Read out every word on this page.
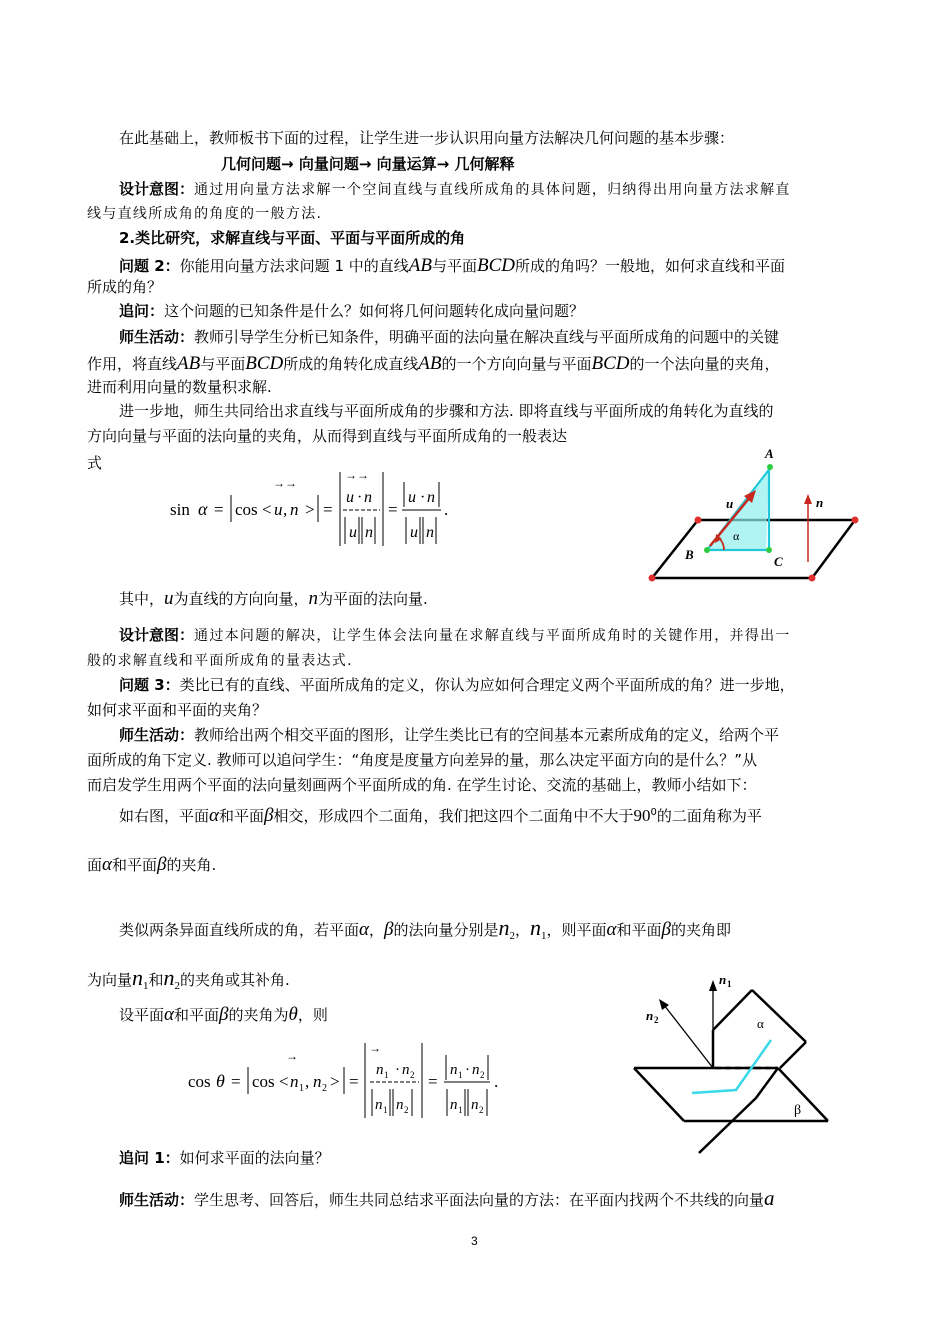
在此基础上，教师板书下面的过程，让学生进一步认识用向量方法解决几何问题的基本步骤：
几何问题→ 向量问题→ 向量运算→ 几何解释
设计意图：通过用向量方法求解一个空间直线与直线所成角的具体问题，归纳得出用向量方法求解直
线与直线所成角的角度的一般方法.
2.类比研究，求解直线与平面、平面与平面所成的角
问题 2：你能用向量方法求问题 1 中的直线AB与平面BCD所成的角吗？一般地，如何求直线和平面
所成的角？
追问：这个问题的已知条件是什么？如何将几何问题转化成向量问题？
师生活动：教师引导学生分析已知条件，明确平面的法向量在解决直线与平面所成角的问题中的关键
作用，将直线AB与平面BCD所成的角转化成直线AB的一个方向向量与平面BCD的一个法向量的夹角，
进而利用向量的数量积求解.
进一步地，师生共同给出求直线与平面所成角的步骤和方法. 即将直线与平面所成的角转化为直线的
方向向量与平面的法向量的夹角，从而得到直线与平面所成角的一般表达
式
sin α = cos <
→→
u , n > =
→→
u · n
u n
=
u · n
u n
.
A
B	C
u	n
α
其中，u为直线的方向向量，n为平面的法向量.
设计意图：通过本问题的解决，让学生体会法向量在求解直线与平面所成角时的关键作用，并得出一
般的求解直线和平面所成角的量表达式.
问题 3：类比已有的直线、平面所成角的定义，你认为应如何合理定义两个平面所成的角？进一步地，
如何求平面和平面的夹角？
师生活动：教师给出两个相交平面的图形，让学生类比已有的空间基本元素所成角的定义，给两个平
面所成的角下定义. 教师可以追问学生：“角度是度量方向差异的量，那么决定平面方向的是什么？”从
而启发学生用两个平面的法向量刻画两个平面所成的角. 在学生讨论、交流的基础上，教师小结如下：
如右图，平面α和平面β相交，形成四个二面角，我们把这四个二面角中不大于$90^0$的二面角称为平
面α和平面β的夹角.
类似两条异面直线所成的角，若平面α，β的法向量分别是$n_2$，$n_1$，则平面α和平面β的夹角即
为向量$n_1$和$n_2$的夹角或其补角.
设平面α和平面β的夹角为θ，则
cos θ = cos <
→
n 1 , n 2 > =
→
n 1 · n 2
n 1 n 2
=
n 1 · n 2
n 1 n 2
.
n 1
n 2	α
β
追问 1：如何求平面的法向量？
师生活动：学生思考、回答后，师生共同总结求平面法向量的方法：在平面内找两个不共线的向量a
3
